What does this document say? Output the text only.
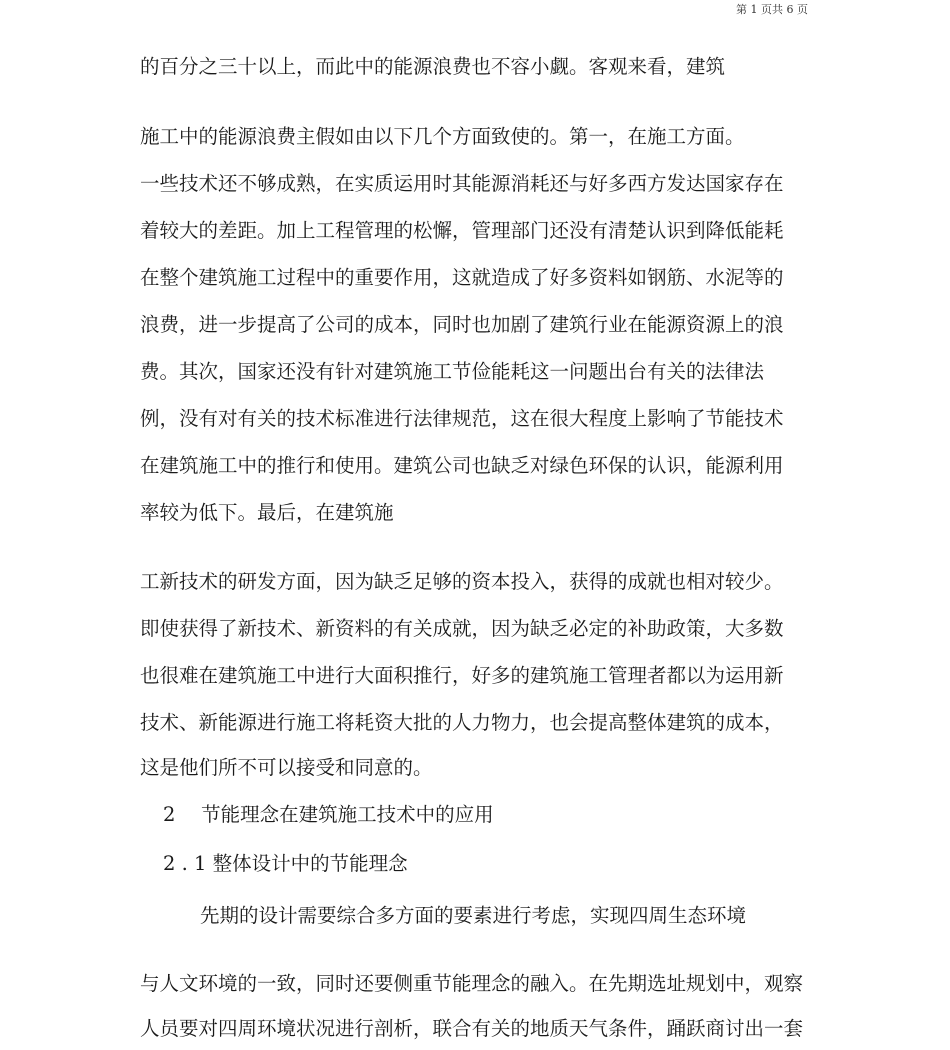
第 1 页共 6 页
的百分之三十以上，而此中的能源浪费也不容小觑。客观来看，建筑
施工中的能源浪费主假如由以下几个方面致使的。第一，在施工方面。
一些技术还不够成熟，在实质运用时其能源消耗还与好多西方发达国家存在
着较大的差距。加上工程管理的松懈，管理部门还没有清楚认识到降低能耗
在整个建筑施工过程中的重要作用，这就造成了好多资料如钢筋、水泥等的
浪费，进一步提高了公司的成本，同时也加剧了建筑行业在能源资源上的浪
费。其次，国家还没有针对建筑施工节俭能耗这一问题出台有关的法律法
例，没有对有关的技术标准进行法律规范，这在很大程度上影响了节能技术
在建筑施工中的推行和使用。建筑公司也缺乏对绿色环保的认识，能源利用
率较为低下。最后，在建筑施
工新技术的研发方面，因为缺乏足够的资本投入，获得的成就也相对较少。
即使获得了新技术、新资料的有关成就，因为缺乏必定的补助政策，大多数
也很难在建筑施工中进行大面积推行，好多的建筑施工管理者都以为运用新
技术、新能源进行施工将耗资大批的人力物力，也会提高整体建筑的成本，
这是他们所不可以接受和同意的。
2　 节能理念在建筑施工技术中的应用
2 . 1 整体设计中的节能理念
先期的设计需要综合多方面的要素进行考虑，实现四周生态环境
与人文环境的一致，同时还要侧重节能理念的融入。在先期选址规划中，观察
人员要对四周环境状况进行剖析，联合有关的地质天气条件，踊跃商讨出一套
